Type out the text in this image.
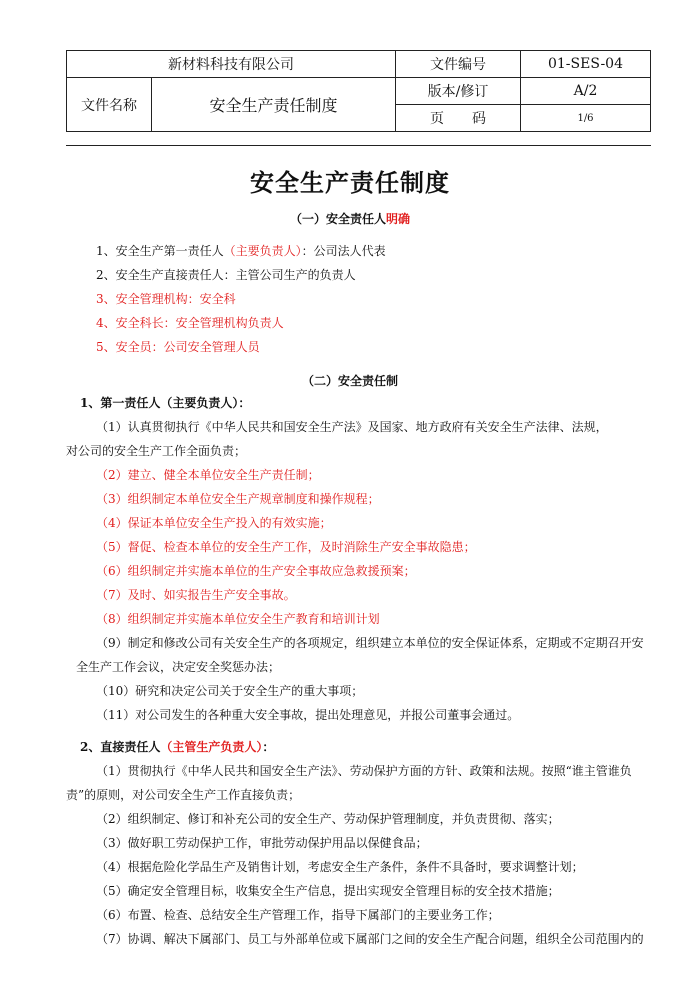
新材料科技有限公司		文件编号	01-SES-04
文件名称	安全生产责任制度	版本/修订	A/2
		页　　码	1/6
安全生产责任制度
（一）安全责任人明确
1、安全生产第一责任人（主要负责人）：公司法人代表
2、安全生产直接责任人：主管公司生产的负责人
3、安全管理机构：安全科
4、安全科长：安全管理机构负责人
5、安全员：公司安全管理人员
（二）安全责任制
1、第一责任人（主要负责人）：
（1）认真贯彻执行《中华人民共和国安全生产法》及国家、地方政府有关安全生产法律、法规，
对公司的安全生产工作全面负责；
（2）建立、健全本单位安全生产责任制；
（3）组织制定本单位安全生产规章制度和操作规程；
（4）保证本单位安全生产投入的有效实施；
（5）督促、检查本单位的安全生产工作，及时消除生产安全事故隐患；
（6）组织制定并实施本单位的生产安全事故应急救援预案；
（7）及时、如实报告生产安全事故。
（8）组织制定并实施本单位安全生产教育和培训计划
（9）制定和修改公司有关安全生产的各项规定，组织建立本单位的安全保证体系，定期或不定期召开安
全生产工作会议，决定安全奖惩办法；
（10）研究和决定公司关于安全生产的重大事项；
（11）对公司发生的各种重大安全事故，提出处理意见，并报公司董事会通过。
2、直接责任人（主管生产负责人）：
（1）贯彻执行《中华人民共和国安全生产法》、劳动保护方面的方针、政策和法规。按照“谁主管谁负
责”的原则，对公司安全生产工作直接负责；
（2）组织制定、修订和补充公司的安全生产、劳动保护管理制度，并负责贯彻、落实；
（3）做好职工劳动保护工作，审批劳动保护用品以保健食品；
（4）根据危险化学品生产及销售计划，考虑安全生产条件，条件不具备时，要求调整计划；
（5）确定安全管理目标，收集安全生产信息，提出实现安全管理目标的安全技术措施；
（6）布置、检查、总结安全生产管理工作，指导下属部门的主要业务工作；
（7）协调、解决下属部门、员工与外部单位或下属部门之间的安全生产配合问题，组织全公司范围内的
